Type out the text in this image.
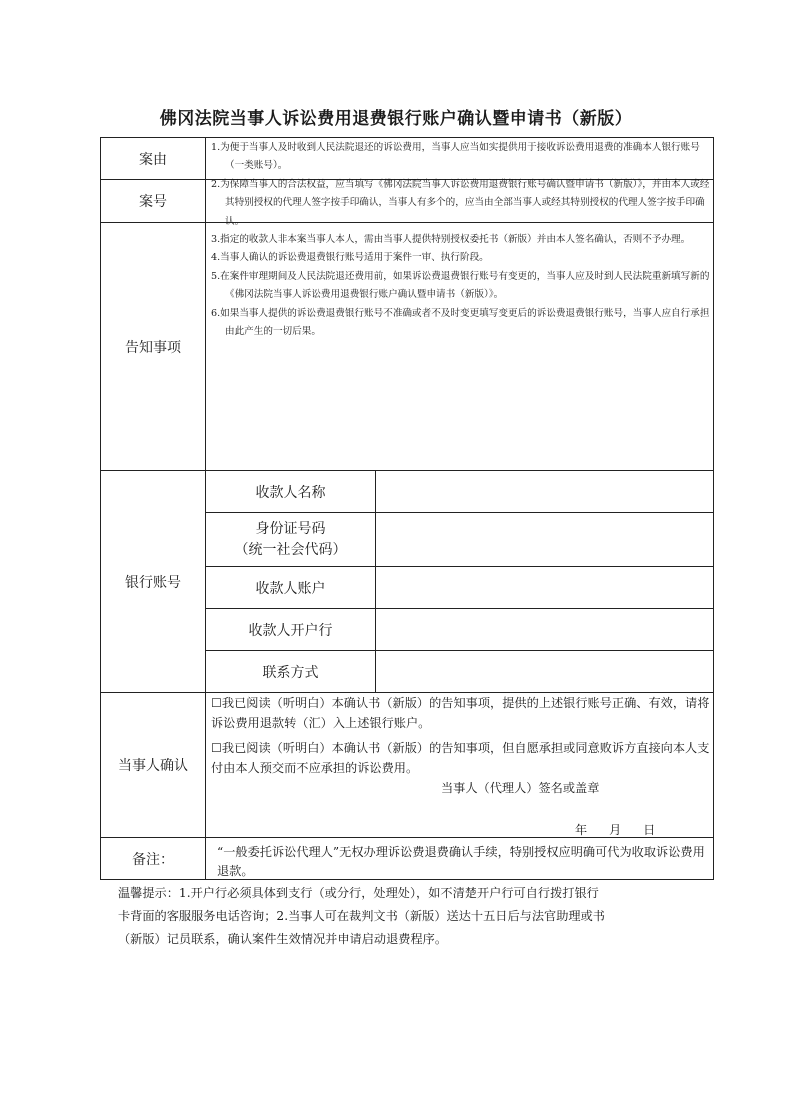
佛冈法院当事人诉讼费用退费银行账户确认暨申请书（新版）
案由
案号
告知事项
银行账号
当事人确认
备注：

1.为便于当事人及时收到人民法院退还的诉讼费用，当事人应当如实提供用于接收诉讼费用退费的准确本人银行账号（一类账号）。

2.为保障当事人的合法权益，应当填写《佛冈法院当事人诉讼费用退费银行账号确认暨申请书（新版）》，并由本人或经其特别授权的代理人签字按手印确认，当事人有多个的，应当由全部当事人或经其特别授权的代理人签字按手印确认。

3.指定的收款人非本案当事人本人，需由当事人提供特别授权委托书（新版）并由本人签名确认，否则不予办理。

4.当事人确认的诉讼费退费银行账号适用于案件一审、执行阶段。

5.在案件审理期间及人民法院退还费用前，如果诉讼费退费银行账号有变更的，当事人应及时到人民法院重新填写新的《佛冈法院当事人诉讼费用退费银行账户确认暨申请书（新版）》。

6.如果当事人提供的诉讼费退费银行账号不准确或者不及时变更填写变更后的诉讼费退费银行账号，当事人应自行承担由此产生的一切后果。

收款人名称
身份证号码
（统一社会代码）
收款人账户
收款人开户行
联系方式

☐我已阅读（听明白）本确认书（新版）的告知事项，提供的上述银行账号正确、有效，请将诉讼费用退款转（汇）入上述银行账户。

☐我已阅读（听明白）本确认书（新版）的告知事项，但自愿承担或同意败诉方直接向本人支付由本人预交而不应承担的诉讼费用。

当事人（代理人）签名或盖章
年 月 日
“一般委托诉讼代理人”无权办理诉讼费退费确认手续，特别授权应明确可代为收取诉讼费用退款。

温馨提示：1.开户行必须具体到支行（或分行，处理处），如不清楚开户行可自行拨打银行

卡背面的客服服务电话咨询；2.当事人可在裁判文书（新版）送达十五日后与法官助理或书

（新版）记员联系，确认案件生效情况并申请启动退费程序。
